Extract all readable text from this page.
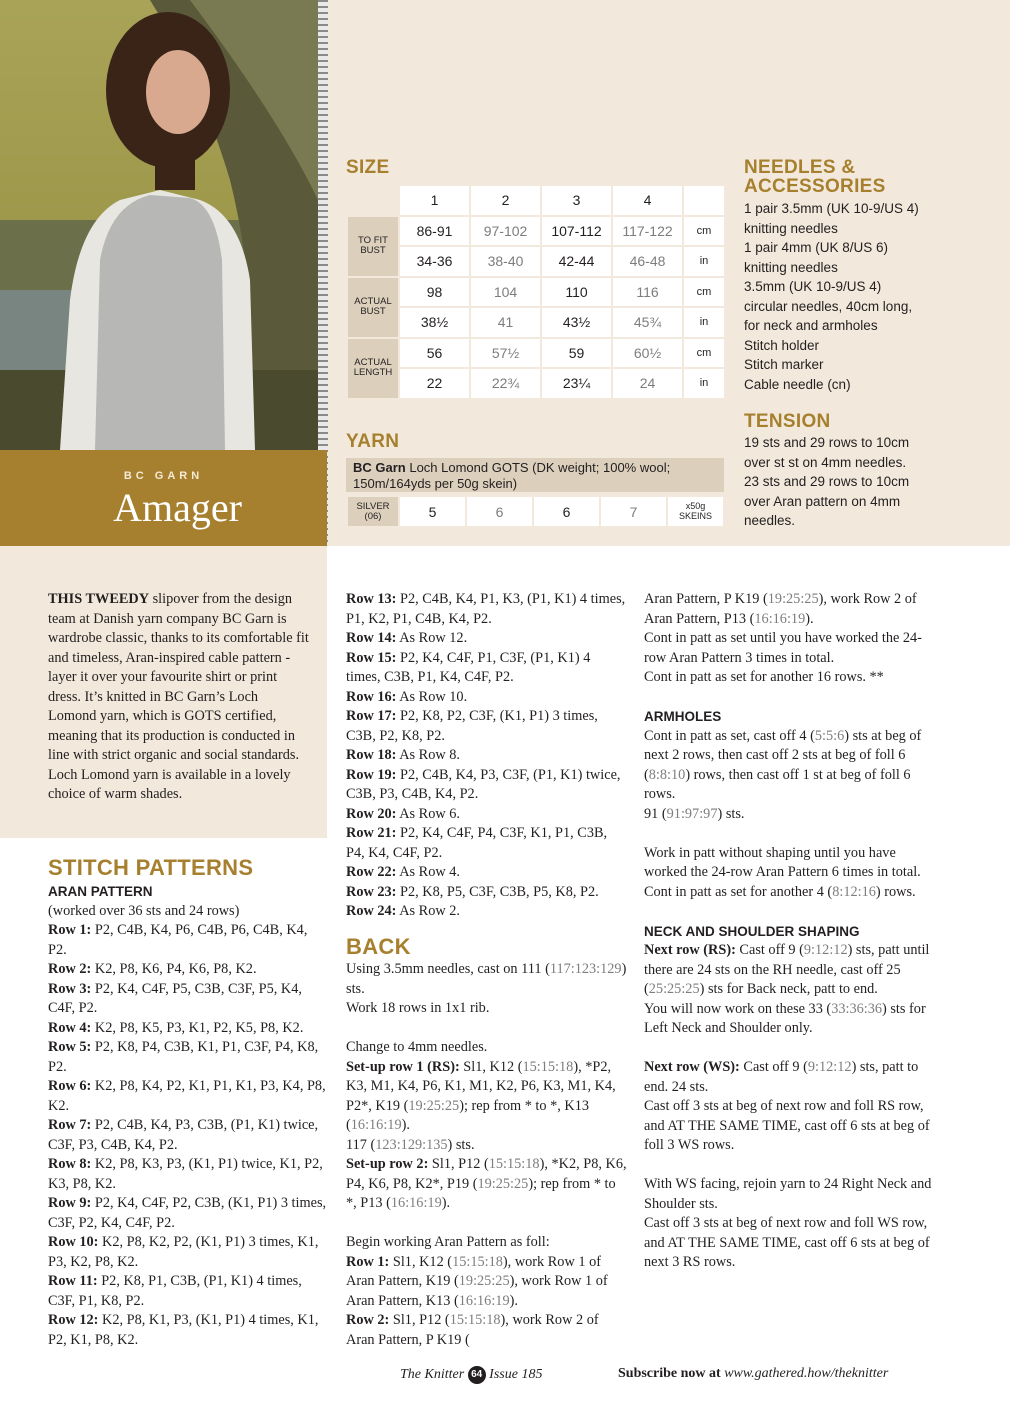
BC GARN
Amager
SIZE
	1	2	3	4	
TO FIT BUST	86-91	97-102	107-112	117-122	cm
	34-36	38-40	42-44	46-48	in
ACTUAL BUST	98	104	110	116	cm
	38½	41	43½	45¾	in
ACTUAL LENGTH	56	57½	59	60½	cm
	22	22¾	23¼	24	in
YARN
BC Garn Loch Lomond GOTS (DK weight; 100% wool; 150m/164yds per 50g skein)
SILVER (06)	5	6	6	7	x50g SKEINS
NEEDLES & ACCESSORIES
1 pair 3.5mm (UK 10-9/US 4)
knitting needles
1 pair 4mm (UK 8/US 6)
knitting needles
3.5mm (UK 10-9/US 4)
circular needles, 40cm long,
for neck and armholes
Stitch holder
Stitch marker
Cable needle (cn)
TENSION
19 sts and 29 rows to 10cm
over st st on 4mm needles.
23 sts and 29 rows to 10cm
over Aran pattern on 4mm
needles.

THIS TWEEDY slipover from the design team at Danish yarn company BC Garn is wardrobe classic, thanks to its comfortable fit and timeless, Aran-inspired cable pattern - layer it over your favourite shirt or print dress. It’s knitted in BC Garn’s Loch Lomond yarn, which is GOTS certified, meaning that its production is conducted in line with strict organic and social standards. Loch Lomond yarn is available in a lovely choice of warm shades.

STITCH PATTERNS
ARAN PATTERN

(worked over 36 sts and 24 rows)

Row 1: P2, C4B, K4, P6, C4B, P6, C4B, K4, P2.

Row 2: K2, P8, K6, P4, K6, P8, K2.

Row 3: P2, K4, C4F, P5, C3B, C3F, P5, K4, C4F, P2.

Row 4: K2, P8, K5, P3, K1, P2, K5, P8, K2.

Row 5: P2, K8, P4, C3B, K1, P1, C3F, P4, K8, P2.

Row 6: K2, P8, K4, P2, K1, P1, K1, P3, K4, P8, K2.

Row 7: P2, C4B, K4, P3, C3B, (P1, K1) twice, C3F, P3, C4B, K4, P2.

Row 8: K2, P8, K3, P3, (K1, P1) twice, K1, P2, K3, P8, K2.

Row 9: P2, K4, C4F, P2, C3B, (K1, P1) 3 times, C3F, P2, K4, C4F, P2.

Row 10: K2, P8, K2, P2, (K1, P1) 3 times, K1, P3, K2, P8, K2.

Row 11: P2, K8, P1, C3B, (P1, K1) 4 times, C3F, P1, K8, P2.

Row 12: K2, P8, K1, P3, (K1, P1) 4 times, K1, P2, K1, P8, K2.

Row 13: P2, C4B, K4, P1, K3, (P1, K1) 4 times, P1, K2, P1, C4B, K4, P2.

Row 14: As Row 12.

Row 15: P2, K4, C4F, P1, C3F, (P1, K1) 4 times, C3B, P1, K4, C4F, P2.

Row 16: As Row 10.

Row 17: P2, K8, P2, C3F, (K1, P1) 3 times, C3B, P2, K8, P2.

Row 18: As Row 8.

Row 19: P2, C4B, K4, P3, C3F, (P1, K1) twice, C3B, P3, C4B, K4, P2.

Row 20: As Row 6.

Row 21: P2, K4, C4F, P4, C3F, K1, P1, C3B, P4, K4, C4F, P2.

Row 22: As Row 4.

Row 23: P2, K8, P5, C3F, C3B, P5, K8, P2.

Row 24: As Row 2.

BACK

Using 3.5mm needles, cast on 111 (117:123:129) sts.

Work 18 rows in 1x1 rib.

Change to 4mm needles.

Set-up row 1 (RS): Sl1, K12 (15:15:18), *P2, K3, M1, K4, P6, K1, M1, K2, P6, K3, M1, K4, P2*, K19 (19:25:25); rep from * to *, K13 (16:16:19).

117 (123:129:135) sts.

Set-up row 2: Sl1, P12 (15:15:18), *K2, P8, K6, P4, K6, P8, K2*, P19 (19:25:25); rep from * to *, P13 (16:16:19).

Begin working Aran Pattern as foll:

Row 1: Sl1, K12 (15:15:18), work Row 1 of Aran Pattern, K19 (19:25:25), work Row 1 of Aran Pattern, K13 (16:16:19).

Row 2: Sl1, P12 (15:15:18), work Row 2 of Aran Pattern, P K19 (

Aran Pattern, P K19 (19:25:25), work Row 2 of Aran Pattern, P13 (16:16:19).

Cont in patt as set until you have worked the 24-row Aran Pattern 3 times in total.

Cont in patt as set for another 16 rows. **

ARMHOLES

Cont in patt as set, cast off 4 (5:5:6) sts at beg of next 2 rows, then cast off 2 sts at beg of foll 6 (8:8:10) rows, then cast off 1 st at beg of foll 6 rows.

91 (91:97:97) sts.

Work in patt without shaping until you have worked the 24-row Aran Pattern 6 times in total.

Cont in patt as set for another 4 (8:12:16) rows.

NECK AND SHOULDER SHAPING

Next row (RS): Cast off 9 (9:12:12) sts, patt until there are 24 sts on the RH needle, cast off 25 (25:25:25) sts for Back neck, patt to end.

You will now work on these 33 (33:36:36) sts for Left Neck and Shoulder only.

Next row (WS): Cast off 9 (9:12:12) sts, patt to end. 24 sts.

Cast off 3 sts at beg of next row and foll RS row, and AT THE SAME TIME, cast off 6 sts at beg of foll 3 WS rows.

With WS facing, rejoin yarn to 24 Right Neck and Shoulder sts.

Cast off 3 sts at beg of next row and foll WS row, and AT THE SAME TIME, cast off 6 sts at beg of next 3 RS rows.

The Knitter 64 Issue 185	Subscribe now at www.gathered.how/theknitter
